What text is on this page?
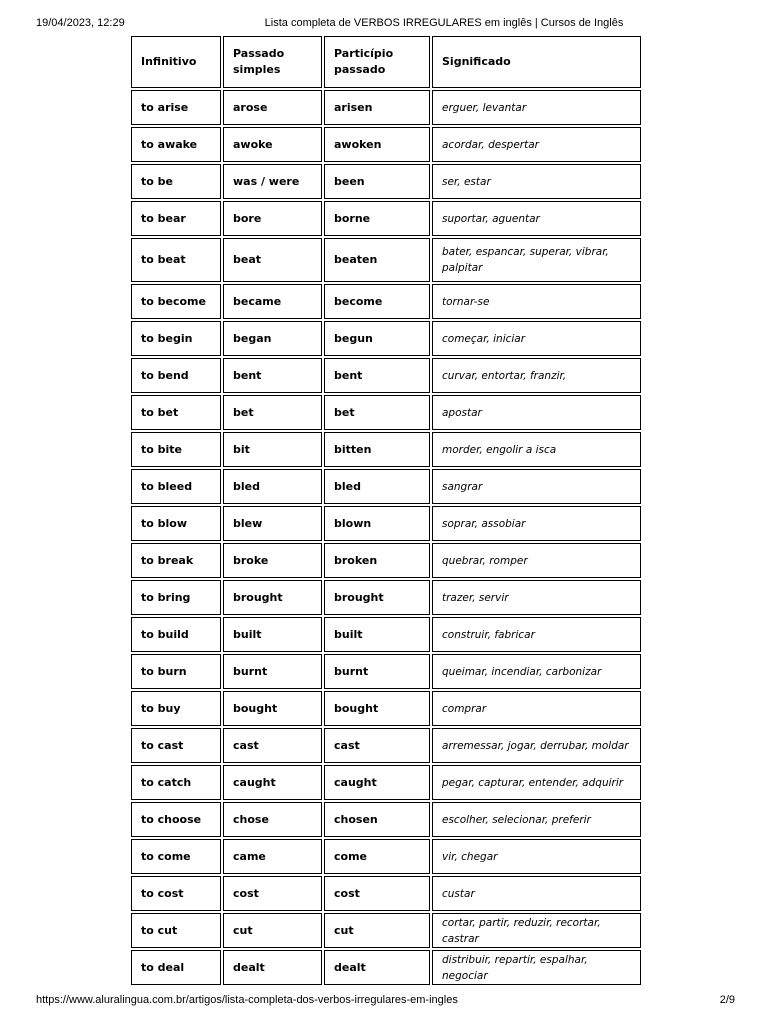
19/04/2023, 12:29	Lista completa de VERBOS IRREGULARES em inglês | Cursos de Inglês
Infinitivo	Passado simples	Particípio passado	Significado
to arise	arose	arisen	erguer, levantar
to awake	awoke	awoken	acordar, despertar
to be	was / were	been	ser, estar
to bear	bore	borne	suportar, aguentar
to beat	beat	beaten	bater, espancar, superar, vibrar, palpitar
to become	became	become	tornar-se
to begin	began	begun	começar, iniciar
to bend	bent	bent	curvar, entortar, franzir,
to bet	bet	bet	apostar
to bite	bit	bitten	morder, engolir a isca
to bleed	bled	bled	sangrar
to blow	blew	blown	soprar, assobiar
to break	broke	broken	quebrar, romper
to bring	brought	brought	trazer, servir
to build	built	built	construir, fabricar
to burn	burnt	burnt	queimar, incendiar, carbonizar
to buy	bought	bought	comprar
to cast	cast	cast	arremessar, jogar, derrubar, moldar
to catch	caught	caught	pegar, capturar, entender, adquirir
to choose	chose	chosen	escolher, selecionar, preferir
to come	came	come	vir, chegar
to cost	cost	cost	custar
to cut	cut	cut	cortar, partir, reduzir, recortar, castrar
to deal	dealt	dealt	distribuir, repartir, espalhar, negociar
https://www.aluralingua.com.br/artigos/lista-completa-dos-verbos-irregulares-em-ingles	2/9
